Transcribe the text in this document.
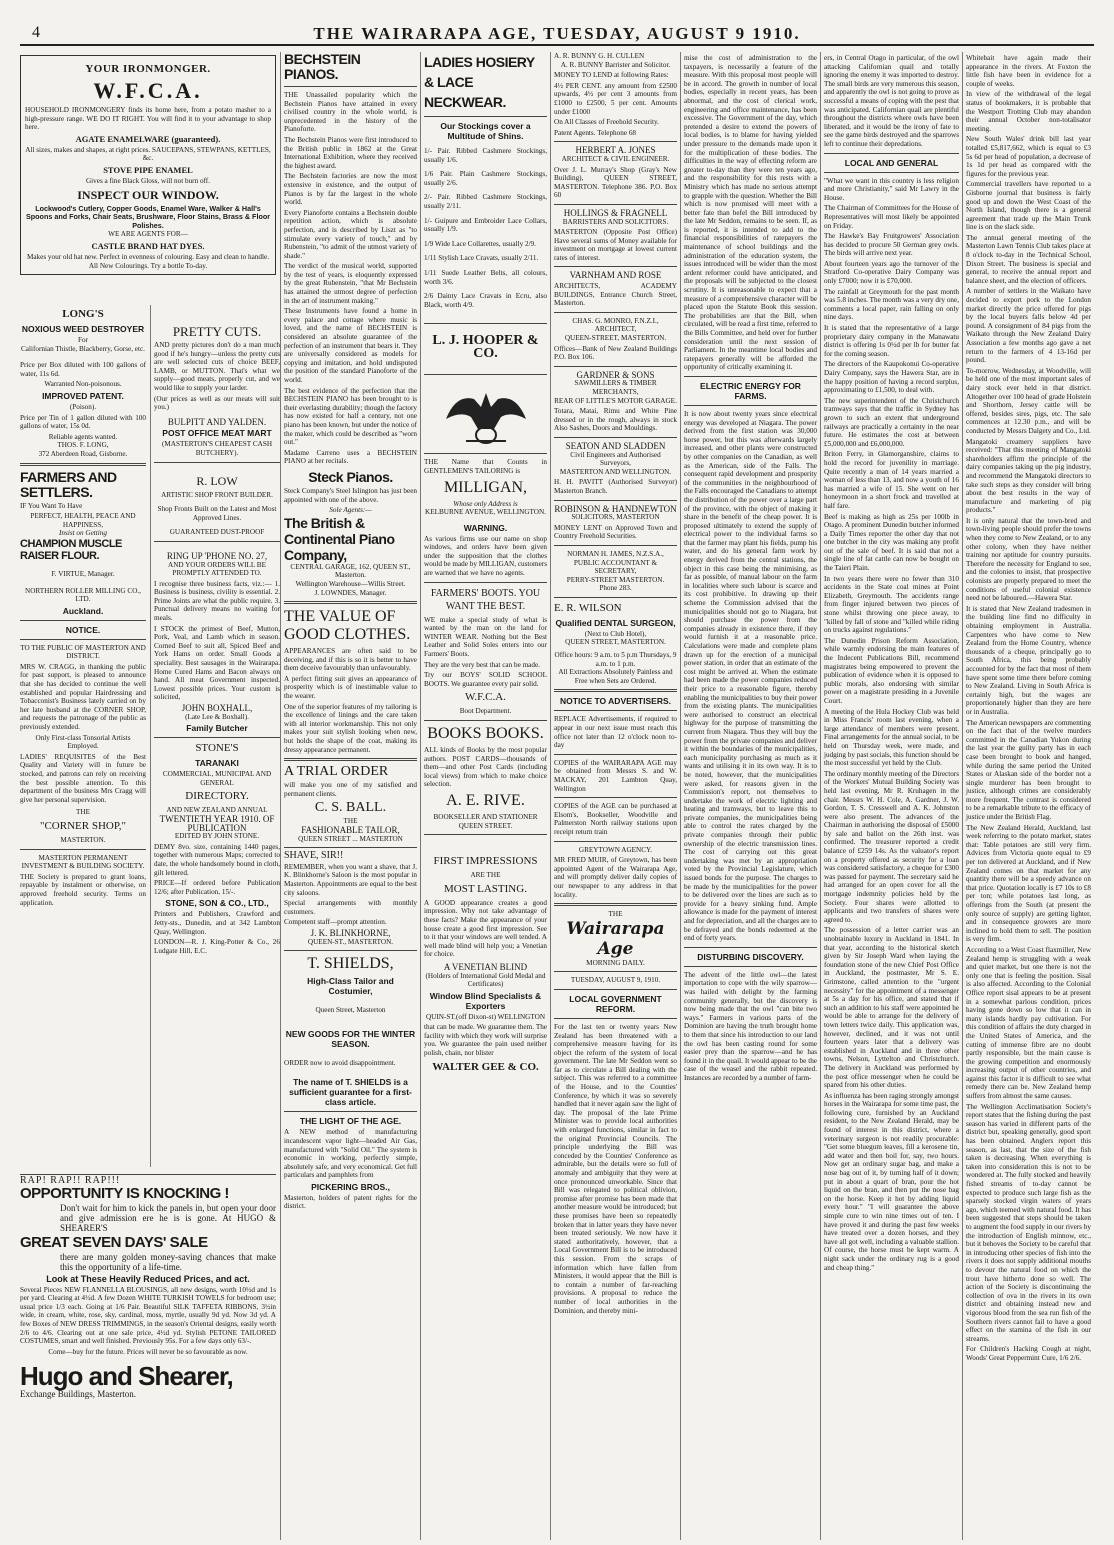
4	THE WAIRARAPA AGE, TUESDAY, AUGUST 9 1910.
YOUR IRONMONGER.
W.F.C.A.
HOUSEHOLD IRONMONGERY finds its home here, from a potato masher to a high-pressure range. WE DO IT RIGHT. You will find it to your advantage to shop here.
AGATE ENAMELWARE (guaranteed).
All sizes, makes and shapes, at right prices. SAUCEPANS, STEWPANS, KETTLES, &c.
STOVE PIPE ENAMEL
Gives a fine Black Gloss, will not burn off.
INSPECT OUR WINDOW.
Lockwood's Cutlery, Copper Goods, Enamel Ware, Walker & Hall's Spoons and Forks, Chair Seats, Brushware, Floor Stains, Brass & Floor Polishes.
WE ARE AGENTS FOR—
CASTLE BRAND HAT DYES.
Makes your old hat new. Perfect in evenness of colouring. Easy and clean to handle. All New Colourings. Try a bottle To-day.
LONG'S
NOXIOUS WEED DESTROYER
For
Californian Thistle, Blackberry, Gorse, etc.
Price per Box diluted with 100 gallons of water, 11s 6d.
Warranted Non-poisonous.
IMPROVED PATENT.
(Poison).
Price per Tin of 1 gallon diluted with 100 gallons of water, 15s 0d.
Reliable agents wanted.
THOS. F. LONG,
372 Aberdeen Road, Gisborne.
FARMERS AND SETTLERS.
IF You Want To Have
PERFECT, HEALTH, PEACE AND HAPPINESS,
Insist on Getting
CHAMPION MUSCLE RAISER FLOUR.
F. VIRTUE, Manager.
NORTHERN ROLLER MILLING CO., LTD.
Auckland.
NOTICE.
TO THE PUBLIC OF MASTERTON AND DISTRICT.
MRS W. CRAGG, in thanking the public for past support, is pleased to announce that she has decided to continue the well established and popular Hairdressing and Tobacconist's Business lately carried on by her late husband at the CORNER SHOP, and requests the patronage of the public as previously extended.
Only First-class Tonsorial Artists Employed.
LADIES' REQUISITES of the Best Quality and Variety will in future be stocked, and patrons can rely on receiving the best possible attention. To this department of the business Mrs Cragg will give her personal supervision.
THE
"CORNER SHOP,"
MASTERTON.
MASTERTON PERMANENT INVESTMENT & BUILDING SOCIETY.
THE Society is prepared to grant loans, repayable by instalment or otherwise, on approved freehold security. Terms on application.
RAP! RAP!! RAP!!!
OPPORTUNITY IS KNOCKING !
Don't wait for him to kick the panels in, but open your door and give admission ere he is is gone. At HUGO & SHEARER'S
GREAT SEVEN DAYS' SALE
there are many golden money-saving chances that make this the opportunity of a life-time.
Look at These Heavily Reduced Prices, and act.
Several Pieces NEW FLANNELLA BLOUSINGS, all new designs, worth 10½d and 1s per yard. Clearing at 4½d. A few Dozen WHITE TURKISH TOWELS for bedroom use; usual price 1/3 each. Going at 1/6 Pair. Beautiful SILK TAFFETA RIBBONS, 3½in wide, in cream, white, rose, sky, cardinal, moss, myrtle, usually 9d yd. Now 3d yd. A few Boxes of NEW DRESS TRIMMINGS, in the season's Oriental designs, easily worth 2/6 to 4/6. Clearing out at one sale price, 4½d yd. Stylish PETONE TAILORED COSTUMES, smart and well finished. Previously 95s. For a few days only 63/-.
Come—buy for the future. Prices will never be so favourable as now.
Hugo and Shearer,
Exchange Buildings, Masterton.
PRETTY CUTS.
AND pretty pictures don't do a man much good if he's hungry—unless the pretty cuts are well selected cuts of choice BEEF, LAMB, or MUTTON. That's what we supply—good meats, properly cut, and we would like to supply your larder.
(Our prices as well as our meats will suit you.)
BULPITT AND YALDEN.
POST OFFICE MEAT MART
(MASTERTON'S CHEAPEST CASH BUTCHERY).
R. LOW
ARTISTIC SHOP FRONT BUILDER.
Shop Fronts Built on the Latest and Most Approved Lines.
GUARANTEED DUST-PROOF
RING UP 'PHONE NO. 27,
AND YOUR ORDERS WILL BE PROMPTLY ATTENDED TO.
I recognise three business facts, viz.:— 1. Business is business, civility is essential. 2. Prime Joints are what the public require. 3. Punctual delivery means no waiting for meals.
I STOCK the primest of Beef, Mutton, Pork, Veal, and Lamb which in season. Corned Beef to suit all, Spiced Beef and York Hams on order. Small Goods a speciality. Best sausages in the Wairarapa. Home Cured Hams and Bacon always on hand. All meat Government inspected. Lowest possible prices. Your custom is solicited,
JOHN BOXHALL,
(Late Lee & Boxhall).
Family Butcher
STONE'S
TARANAKI
COMMERCIAL, MUNICIPAL AND GENERAL
DIRECTORY.
AND NEW ZEALAND ANNUAL
TWENTIETH YEAR 1910. OF PUBLICATION
EDITED BY JOHN STONE.
DEMY 8vo. size, containing 1440 pages, together with numerous Maps; corrected to date, the whole handsomely bound in cloth, gilt lettered.
PRICE—If ordered before Publication 12/6; after Publication, 15/-.
STONE, SON & CO., LTD.,
Printers and Publishers, Crawford and Jetty-sts., Dunedin, and at 342 Lambton Quay, Wellington.
LONDON—R. J. King-Potter & Co., 26 Ludgate Hill, E.C.
BECHSTEIN PIANOS.
THE Unassailed popularity which the Bechstein Pianos have attained in every civilised country in the whole world, is unprecedented in the history of the Pianoforte.
The Bechstein Pianos were first introduced to the British public in 1862 at the Great International Exhibition, where they received the highest award.
The Bechstein factories are now the most extensive in existence, and the output of Pianos is by far the largest in the whole world.
Every Pianoforte contains a Bechstein double repetition action, which is absolute perfection, and is described by Liszt as "to stimulate every variety of touch," and by Rubenstein, "to admit of the utmost variety of shade."
The verdict of the musical world, supported by the test of years, is eloquently expressed by the great Rubenstein, "that Mr Bechstein has attained the utmost degree of perfection in the art of instrument making."
These Instruments have found a home in every palace and cottage where music is loved, and the name of BECHSTEIN is considered an absolute guarantee of the perfection of an instrument that bears it. They are universally considered as models for copying and imitation, and hold undisputed the position of the standard Pianoforte of the world.
The best evidence of the perfection that the BECHSTEIN PIANO has been brought to is their everlasting durability; though the factory has now existed for half a century, not one piano has been known, but under the notice of the maker, which could be described as "worn out."
Madame Carreno uses a BECHSTEIN PIANO at her recitals.
Steck Pianos.
Steck Company's Steel Islington has just been appointed with one of the above.
Sole Agents:—
The British & Continental Piano Company,
CENTRAL GARAGE, 162, QUEEN ST., Masterton.
Wellington Warehouse—Willis Street.
J. LOWNDES, Manager.
THE VALUE OF GOOD CLOTHES.
APPEARANCES are often said to be deceiving, and if this is so it is better to have them deceive favourably than unfavourably.
A perfect fitting suit gives an appearance of prosperity which is of inestimable value to the wearer.
One of the superior features of my tailoring is the excellence of linings and the care taken with all interior workmanship. This not only makes your suit stylish looking when new, but holds the shape of the coat, making its dressy appearance permanent.
A TRIAL ORDER
will make you one of my satisfied and permanent clients.
C. S. BALL.
THE
FASHIONABLE TAILOR,
QUEEN STREET ... MASTERTON
SHAVE, SIR!!
REMEMBER, when you want a shave, that J. K. Blinkhorne's Saloon is the most popular in Masterton. Appointments are equal to the best city saloons.
Special arrangements with monthly customers.
Competent staff—prompt attention.
J. K. BLINKHORNE,
QUEEN-ST., MASTERTON.
T. SHIELDS,
High-Class Tailor and Costumier,
Queen Street, Masterton
NEW GOODS FOR THE WINTER SEASON.
ORDER now to avoid disappointment.
The name of T. SHIELDS is a sufficient guarantee for a first-class article.
THE LIGHT OF THE AGE.
A NEW method of manufacturing incandescent vapor light—headed Air Gas, manufactured with "Solid Oil." The system is economic in working, perfectly simple, absolutely safe, and very economical. Get full particulars and pamphlets from
PICKERING BROS.,
Masterton, holders of patent rights for the district.
LADIES HOSIERY & LACE NECKWEAR.
Our Stockings cover a Multitude of Shins.
1/- Pair. Ribbed Cashmere Stockings, usually 1/6.
1/6 Pair. Plain Cashmere Stockings, usually 2/6.
2/- Pair. Ribbed Cashmere Stockings, usually 2/11.
1/- Guipure and Embroider Lace Collars, usually 1/9.
1/9 Wide Lace Collarettes, usually 2/9.
1/11 Stylish Lace Cravats, usually 2/11.
1/11 Suede Leather Belts, all colours, worth 3/6.
2/6 Dainty Lace Cravats in Ecru, also Black, worth 4/9.
L. J. HOOPER & CO.
THE Name that Counts in GENTLEMEN'S TAILORING is
MILLIGAN,
Whose only Address is
KELBURNE AVENUE, WELLINGTON.
WARNING.
As various firms use our name on shop windows, and orders have been given under the supposition that the clothes would be made by MILLIGAN, customers are warned that we have no agents.
FARMERS' BOOTS. YOU WANT THE BEST.
WE make a special study of what is wanted by the man on the land for WINTER WEAR. Nothing but the Best Leather and Solid Soles enters into our Farmers' Boots.
They are the very best that can be made.
Try our BOYS' SOLID SCHOOL BOOTS. We guarantee every pair solid.
W.F.C.A.
Boot Department.
BOOKS BOOKS.
ALL kinds of Books by the most popular authors. POST CARDS—thousands of them—and other Post Cards (including local views) from which to make choice selection.
A. E. RIVE.
BOOKSELLER AND STATIONER QUEEN STREET.
FIRST IMPRESSIONS
ARE THE
MOST LASTING.
A GOOD appearance creates a good impression. Why not take advantage of these facts? Make the appearance of your house create a good first impression. See to it that your windows are well tended. A well made blind will help you; a Venetian for choice.
A VENETIAN BLIND
(Holders of International Gold Medal and Certificates)
Window Blind Specialists & Exporters
QUIN-ST.(off Dixon-st) WELLINGTON
that can be made. We guarantee them. The facility with which they work will surprise you. We guarantee the pain used neither polish, chain, nor blister
WALTER GEE & CO.
A. R. BUNNY G. H. CULLEN
A. R. BUNNY Barrister and Solicitor.
MONEY TO LEND at following Rates:
4½ PER CENT. any amount from £2500 upwards, 4½ per cent 3 amounts from £1000 to £2500, 5 per cent. Amounts under £1000
On All Classes of Freehold Security.
Patent Agents. Telephone 68
HERBERT A. JONES
ARCHITECT & CIVIL ENGINEER.
Over J. L. Murray's Shop (Gray's New Building), QUEEN STREET, MASTERTON. Telephone 386. P.O. Box 60
HOLLINGS & FRAGNELL
BARRISTERS AND SOLICITORS.
MASTERTON (Opposite Post Office) Have several sums of Money available for investment on mortgage at lowest current rates of interest.
VARNHAM AND ROSE
ARCHITECTS, ACADEMY BUILDINGS, Entrance Church Street, Masterton.
CHAS. G. MONRO, F.N.Z.I., ARCHITECT,
QUEEN-STREET, MASTERTON.
Offices—Bank of New Zealand Buildings P.O. Box 106.
GARDNER & SONS
SAWMILLERS & TIMBER MERCHANTS,
REAR OF LITTLE'S MOTOR GARAGE.
Totara, Matai, Rimu and White Pine dressed or in the rough, always in stock Also Sashes, Doors and Mouldings.
SEATON AND SLADDEN
Civil Engineers and Authorised Surveyors,
MASTERTON AND WELLINGTON.
H. H. PAVITT (Authorised Surveyor) Masterton Branch.
ROBINSON & HANDNEWTON
SOLICITORS, MASTERTON
MONEY LENT on Approved Town and Country Freehold Securities.
NORMAN H. JAMES, N.Z.S.A.,
PUBLIC ACCOUNTANT & SECRETARY,
PERRY-STREET MASTERTON.
Phone 283.
E. R. WILSON
Qualified DENTAL SURGEON,
(Next to Club Hotel),
QUEEN STREET, MASTERTON.
Office hours: 9 a.m. to 5 p.m Thursdays, 9 a.m. to 1 p.m.
All Extractions Absolutely Painless and Free when Sets are Ordered.
NOTICE TO ADVERTISERS.
REPLACE Advertisements, if required to appear in our next issue must reach this office not later than 12 o'clock noon to-day
COPIES of the WAIRARAPA AGE may be obtained from Messrs S. and W. MACKAY, 201 Lambton Quay, Wellington
COPIES of the AGE can be purchased at Elsom's, Bookseller, Woodville and Palmerston North railway stations upon receipt return train
GREYTOWN AGENCY.
MR FRED MUIR, of Greytown, has been appointed Agent of the Wairarapa Age, and will promptly deliver daily copies of our newspaper to any address in that locality.
THE
Wairarapa Age
MORNING DAILY.
TUESDAY, AUGUST 9, 1910.
LOCAL GOVERNMENT REFORM.
For the last ten or twenty years New Zealand has been threatened with a comprehensive measure having for its object the reform of the system of local government. The late Mr Seddon went so far as to circulate a Bill dealing with the subject. This was referred to a committee of the House, and to the Counties' Conference, by which it was so severely handled that it never again saw the light of day. The proposal of the late Prime Minister was to provide local authorities with enlarged functions, similar in fact to the original Provincial Councils. The principle underlying the Bill was conceded by the Counties' Conference as admirable, but the details were so full of anomaly and ambiguity that they were at once pronounced unworkable. Since that Bill was relegated to political oblivion, promise after promise has been made that another measure would be introduced; but these promises have been so repeatedly broken that in latter years they have never been treated seriously. We now have it stated authoritatively, however, that a Local Government Bill is to be introduced this session. From the scraps of information which have fallen from Ministers, it would appear that the Bill is to contain a number of far-reaching provisions. A proposal to reduce the number of local authorities in the Dominion, and thereby mini-
mise the cost of administration to the taxpayers, is necessarily a feature of the measure. With this proposal most people will be in accord. The growth in number of local bodies, especially in recent years, has been abnormal, and the cost of clerical work, engineering and office maintenance, has been excessive. The Government of the day, which pretended a desire to extend the powers of local bodies, is to blame for having yielded under pressure to the demands made upon it for the multiplication of these bodies. The difficulties in the way of effecting reform are greater to-day than they were ten years ago, and the responsibility for this rests with a Ministry which has made no serious attempt to grapple with the question. Whether the Bill which is now promised will meet with a better fate than befel the Bill introduced by the late Mr Seddon, remains to be seen. If, as is reported, it is intended to add to the financial responsibilities of ratepayers the maintenance of school buildings and the administration of the education system, the issues introduced will be wider than the most ardent reformer could have anticipated, and the proposals will be subjected to the closest scrutiny. It is unreasonable to expect that a measure of a comprehensive character will be placed upon the Statute Book this session. The probabilities are that the Bill, when circulated, will be read a first time, referred to the Bills Committee, and held over for further consideration until the next session of Parliament. In the meantime local bodies and ratepayers generally will be afforded the opportunity of critically examining it.
ELECTRIC ENERGY FOR FARMS.
It is now about twenty years since electrical energy was developed at Niagara. The power derived from the first station was 30,000 horse power, but this was afterwards largely increased, and other plants were constructed by other companies on the Canadian, as well as the American, side of the Falls. The consequent rapid development and prosperity of the communities in the neighbourhood of the Falls encouraged the Canadians to attempt the distribution of the power over a large part of the province, with the object of making it share in the benefit of the cheap power. It is proposed ultimately to extend the supply of electrical power to the individual farms so that the farmer may plant his fields, pump his water, and do his general farm work by energy derived from the central stations, the object in this case being the minimising, as far as possible, of manual labour on the farm in localities where such labour is scarce and its cost prohibitive. In drawing up their scheme the Commission advised that the municipalities should not go to Niagara, but should purchase the power from the companies already in existence there, if they would furnish it at a reasonable price. Calculations were made and complete plans drawn up for the erection of a municipal power station, in order that an estimate of the cost might be arrived at. When the estimate had been made the power companies reduced their price to a reasonable figure, thereby enabling the municipalities to buy their power from the existing plants. The municipalities were authorised to construct an electrical highway for the purpose of transmitting the current from Niagara. Thus they will buy the power from the private companies and deliver it within the boundaries of the municipalities, each municipality purchasing as much as it wants and utilising it in its own way. It is to be noted, however, that the municipalities were asked, for reasons given in the Commission's report, not themselves to undertake the work of electric lighting and heating and tramways, but to leave this to private companies, the municipalities being able to control the rates charged by the private companies through their public ownership of the electric transmission lines. The cost of carrying out this great undertaking was met by an appropriation voted by the Provincial Legislature, which issued bonds for the purpose. The charges to be made by the municipalities for the power to be delivered over the lines are such as to provide for a heavy sinking fund. Ample allowance is made for the payment of interest and for depreciation, and all the charges are to be defrayed and the bonds redeemed at the end of forty years.
DISTURBING DISCOVERY.
The advent of the little owl—the latest importation to cope with the wily sparrow—was hailed with delight by the farming community generally, but the discovery is now being made that the owl "can bite two ways." Farmers in various parts of the Dominion are having the truth brought home to them that since his introduction to our land the owl has been casting round for some easier prey than the sparrow—and he has found it in the quail. It would appear to be the case of the weasel and the rabbit repeated. Instances are recorded by a number of farm-
ers, in Central Otago in particular, of the owl attacking Californian quail and totally ignoring the enemy it was imported to destroy. The small birds are very numerous this season, and apparently the owl is not going to prove as successful a means of coping with the pest that was anticipated. Californian quail are plentiful throughout the districts where owls have been liberated, and it would be the irony of fate to see the game birds destroyed and the sparrows left to continue their depredations.
LOCAL AND GENERAL
"What we want in this country is less religion and more Christianity," said Mr Lawry in the House.
The Chairman of Committees for the House of Representatives will most likely be appointed on Friday.
The Hawke's Bay Fruitgrowers' Association has decided to procure 50 German grey owls. The birds will arrive next year.
About fourteen years ago the turnover of the Stratford Co-operative Dairy Company was only £7000; now it is £70,000.
The rainfall at Greymouth for the past month was 5.8 inches. The month was a very dry one, comments a local paper, rain falling on only nine days.
It is stated that the representative of a large proprietary dairy company in the Manawatu district is offering 1s 0½d per lb for butter fat for the coming season.
The directors of the Kaupokonui Co-operative Dairy Company, says the Hawera Star, are in the happy position of having a record surplus, approximating to £1,500, to deal with.
The new superintendent of the Christchurch tramways says that the traffic in Sydney has grown to such an extent that underground railways are practically a certainty in the near future. He estimates the cost at between £5,000,000 and £6,000,000.
Briton Ferry, in Glamorganshire, claims to hold the record for juvenility in marriage. Quite recently a man of 14 years married a woman of less than 13, and now a youth of 16 has married a wife of 15. She went on her honeymoon in a short frock and travelled at half fare.
Beef is making as high as 25s per 100lb in Otago. A prominent Dunedin butcher informed a Daily Times reporter the other day that not one butcher in the city was making any profit out of the sale of beef. It is said that not a single line of fat cattle can now be bought on the Taieri Plain.
In two years there were no fewer than 310 accidents in the State coal mines at Point Elizabeth, Greymouth. The accidents range from finger injured between two pieces of stone whilst throwing one piece away, to "killed by fall of stone and "killed while riding on trucks against regulations."
The Dunedin Prison Reform Association, while warmly endorsing the main features of the Indecent Publications Bill, recommend magistrates being empowered to prevent the publication of evidence when it is opposed to public morals, also endorsing with similar power on a magistrate presiding in a Juvenile Court.
A meeting of the Hula Hockey Club was held in Miss Francis' room last evening, when a large attendance of members were present. Final arrangements for the annual social, to be held on Thursday week, were made, and judging by past socials, this function should be the most successful yet held by the Club.
The ordinary monthly meeting of the Directors of the Workers' Mutual Building Society was held last evening, Mr R. Kruhagen in the chair. Messrs W. H. Cole, A. Gardner, J. W. Gordon, T. S. Cresswell and A. K. Johnston were also present. The advances of the Chairman in authorising the disposal of £5000 by sale and ballot on the 26th inst. was confirmed. The treasurer reported a credit balance of £259 14s. As the valuator's report on a property offered as security for a loan was considered satisfactory, a cheque for £300 was passed for payment. The secretary said he had arranged for an open cover for all the mortgage indemnity policies held by the Society. Four shares were allotted to applicants and two transfers of shares were agreed to.
The possession of a letter carrier was an unobtainable luxury in Auckland in 1841. In that year, according to the historical sketch given by Sir Joseph Ward when laying the foundation stone of the new Chief Post Office in Auckland, the postmaster, Mr S. E. Grimstone, called attention to the "urgent necessity" for the appointment of a messenger at 5s a day for his office, and stated that if such an addition to his staff were appointed he would be able to arrange for the delivery of town letters twice daily. This application was, however, declined, and it was not until fourteen years later that a delivery was established in Auckland and in three other towns, Nelson, Lyttelton and Christchurch. The delivery in Auckland was performed by the post office messenger when he could be spared from his other duties.
As influenza has been raging strongly amongst horses in the Wairarapa for some time past, the following cure, furnished by an Auckland resident, to the New Zealand Herald, may be found of interest in this district, where a veterinary surgeon is not readily procurable: "Get some bluegum leaves, fill a kerosene tin, add water and then boil for, say, two hours. Now get an ordinary sugar bag, and make a nose bag out of it, by turning half of it down; put in about a quart of bran, pour the hot liquid on the bran, and then put the nose bag on the horse. Keep it hot by adding liquid every hour." "I will guarantee the above simple cure to win nine times out of ten. I have proved it and during the past few weeks have treated over a dozen horses, and they have all got well, including a valuable stallion. Of course, the horse must be kept warm. A night sack under the ordinary rug is a good and cheap thing."
Whitebait have again made their appearance in the rivers. At Foxton the little fish have been in evidence for a couple of weeks.
In view of the withdrawal of the legal status of bookmakers, it is probable that the Westport Trotting Club may abandon their annual October non-totalisator meeting.
New South Wales' drink bill last year totalled £5,817,662, which is equal to £3 5s 6d per head of population, a decrease of 1s 1d per head as compared with the figures for the previous year.
Commercial travellers have reported to a Gisborne journal that business is fairly good up and down the West Coast of the North Island, though there is a general agreement that trade up the Main Trunk line is on the slack side.
The annual general meeting of the Masterton Lawn Tennis Club takes place at 8 o'clock to-day in the Technical School, Dixon Street. The business is special and general, to receive the annual report and balance sheet, and the election of officers.
A number of settlers in the Waikato have decided to export pork to the London market directly the price offered for pigs by the local buyers falls below 4d per pound. A consignment of 84 pigs from the Waikato through the New Zealand Dairy Association a few months ago gave a net return to the farmers of 4 13-16d per pound.
To-morrow, Wednesday, at Woodville, will be held one of the most important sales of dairy stock ever held in that district. Altogether over 100 head of grade Holstein and Shorthorn, Jersey cattle will be offered, besides sires, pigs, etc. The sale commences at 12.30 p.m., and will be conducted by Messrs Dalgety and Co., Ltd.
Mangatoki creamery suppliers have received: "That this meeting of Mangatoki shareholders affirm the principle of the dairy companies taking up the pig industry, and recommend the Mangatoki directors to take such steps as they consider will bring about the best results in the way of manufacture and marketing of pig products."
It is only natural that the town-bred and town-living people should prefer the towns when they come to New Zealand, or to any other colony, when they have neither training nor aptitude for country pursuits. Therefore the necessity for England to see, and the colonies to insist, that prospective colonists are properly prepared to meet the conditions of useful colonial existence need not be laboured.—Hawera Star.
It is stated that New Zealand tradesmen in the building line find no difficulty in obtaining employment in Australia. Carpenters who have come to New Zealand from the Home Country, whence thousands of a cheque, principally go to South Africa, this being probably accounted for by the fact that most of them have spent some time there before coming to New Zealand. Living in South Africa is certainly high, but the wages are proportionately higher than they are here or in Australia.
The American newspapers are commenting on the fact that of the twelve murders committed in the Canadian Yukon during the last year the guilty party has in each case been brought to book and hanged, while during the same period the United States or Alaskan side of the border not a single murderer has been brought to justice, although crimes are considerably more frequent. The contrast is considered to be a remarkable tribute to the efficacy of justice under the British Flag.
The New Zealand Herald, Auckland, last week referring to the potato market, states that: Table potatoes are still very firm. Advices from Victoria quote equal to £9 per ton delivered at Auckland, and if New Zealand comes on that market for any quantity there will be a speedy advance on that price. Quotation locally is £7 10s to £8 per ton; while potatoes last long, as offerings from the South (at present the only source of supply) are getting lighter, and in consequence growers are more inclined to hold them to sell. The position is very firm.
According to a West Coast flaxmiller, New Zealand hemp is struggling with a weak and quiet market, but one there is not the only one that is feeling the position. Sisal is also affected. According to the Colonial Office report sisal appears to be at present in a somewhat parlous condition, prices having gone down so low that it can in many islands hardly pay cultivation. For this condition of affairs the duty charged in the United States of America, and the cutting of immense fibre are no doubt partly responsible, but the main cause is the growing competition and enormously increasing output of other countries, and against this factor it is difficult to see what remedy there can be. New Zealand hemp suffers from almost the same causes.
The Wellington Acclimatisation Society's report states that the fishing during the past season has varied in different parts of the district but, speaking generally, good sport has been obtained. Anglers report this season, as last, that the size of the fish taken is decreasing. When everything is taken into consideration this is not to be wondered at. The fully stocked and heavily fished streams of to-day cannot be expected to produce such large fish as the sparsely stocked virgin waters of years ago, which teemed with natural food. It has been suggested that steps should be taken to augment the food supply in our rivers by the introduction of English minnow, etc., but it behoves the Society to be careful that in introducing other species of fish into the rivers it does not supply additional mouths to devour the natural food on which the trout have hitherto done so well. The action of the Society is discontinuing the collection of ova in the rivers in its own district and obtaining instead new and vigorous blood from the sea run fish of the Southern rivers cannot fail to have a good effect on the stamina of the fish in our streams.
For Children's Hacking Cough at night, Woods' Great Peppermint Cure, 1/6 2/6.
